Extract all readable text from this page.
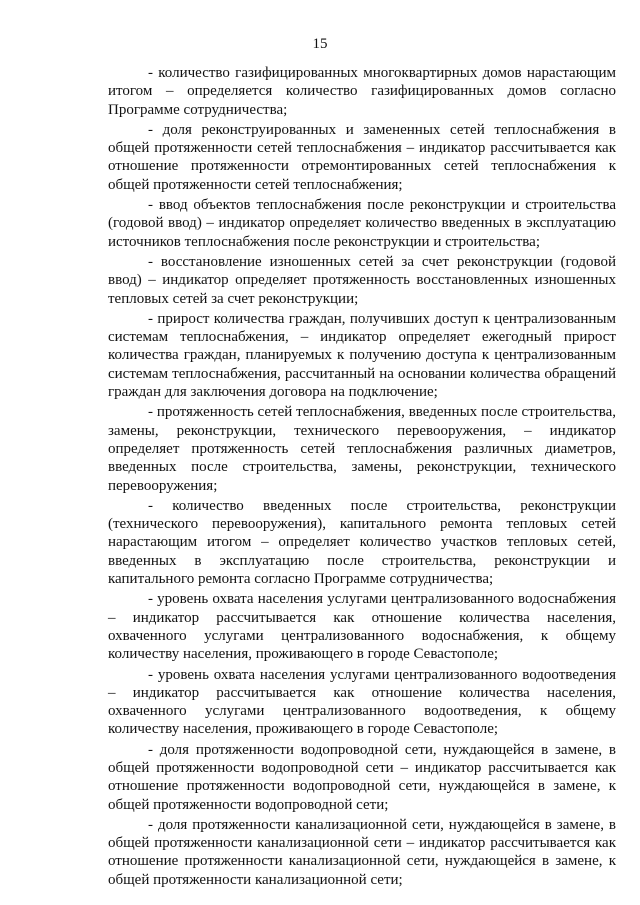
15

- количество газифицированных многоквартирных домов нарастающим итогом – определяется количество газифицированных домов согласно Программе сотрудничества;

- доля реконструированных и замененных сетей теплоснабжения в общей протяженности сетей теплоснабжения – индикатор рассчитывается как отношение протяженности отремонтированных сетей теплоснабжения к общей протяженности сетей теплоснабжения;

- ввод объектов теплоснабжения после реконструкции и строительства (годовой ввод) – индикатор определяет количество введенных в эксплуатацию источников теплоснабжения после реконструкции и строительства;

- восстановление изношенных сетей за счет реконструкции (годовой ввод) – индикатор определяет протяженность восстановленных изношенных тепловых сетей за счет реконструкции;

- прирост количества граждан, получивших доступ к централизованным системам теплоснабжения, – индикатор определяет ежегодный прирост количества граждан, планируемых к получению доступа к централизованным системам теплоснабжения, рассчитанный на основании количества обращений граждан для заключения договора на подключение;

- протяженность сетей теплоснабжения, введенных после строительства, замены, реконструкции, технического перевооружения, – индикатор определяет протяженность сетей теплоснабжения различных диаметров, введенных после строительства, замены, реконструкции, технического перевооружения;

- количество введенных после строительства, реконструкции (технического перевооружения), капитального ремонта тепловых сетей нарастающим итогом – определяет количество участков тепловых сетей, введенных в эксплуатацию после строительства, реконструкции и капитального ремонта согласно Программе сотрудничества;

- уровень охвата населения услугами централизованного водоснабжения – индикатор рассчитывается как отношение количества населения, охваченного услугами централизованного водоснабжения, к общему количеству населения, проживающего в городе Севастополе;

- уровень охвата населения услугами централизованного водоотведения – индикатор рассчитывается как отношение количества населения, охваченного услугами централизованного водоотведения, к общему количеству населения, проживающего в городе Севастополе;

- доля протяженности водопроводной сети, нуждающейся в замене, в общей протяженности водопроводной сети – индикатор рассчитывается как отношение протяженности водопроводной сети, нуждающейся в замене, к общей протяженности водопроводной сети;

- доля протяженности канализационной сети, нуждающейся в замене, в общей протяженности канализационной сети – индикатор рассчитывается как отношение протяженности канализационной сети, нуждающейся в замене, к общей протяженности канализационной сети;
